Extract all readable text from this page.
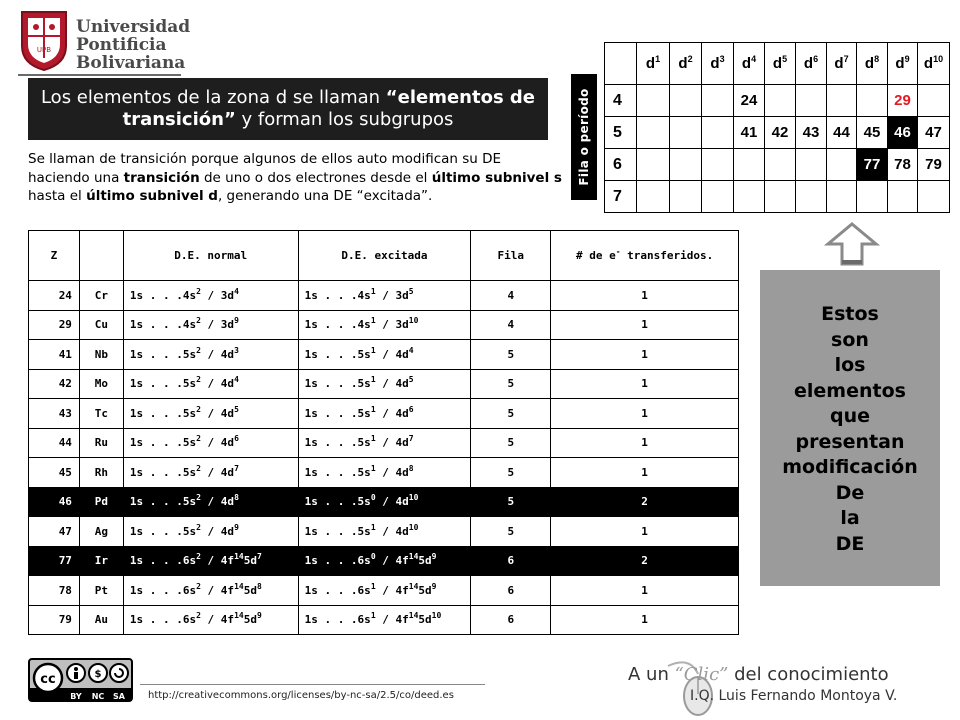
UPB
Universidad
Pontificia
Bolivariana
Los elementos de la zona d se llaman “elementos de transición” y forman los subgrupos
Se llaman de transición porque algunos de ellos auto modifican su DE haciendo una transición de uno o dos electrones desde el último subnivel s hasta el último subnivel d, generando una DE “excitada”.
Z		D.E. normal	D.E. excitada	Fila	# de e- transferidos.
24	Cr	1s . . $.4s^2 / 3d^4$	1s . . $.4s^1 / 3d^5$	4	1
29	Cu	1s . . $.4s^2 / 3d^9$	1s . . $.4s^1 / 3d^{10}$	4	1
41	Nb	1s . . $.5s^2 / 4d^3$	1s . . $.5s^1 / 4d^4$	5	1
42	Mo	1s . . $.5s^2 / 4d^4$	1s . . $.5s^1 / 4d^5$	5	1
43	Tc	1s . . $.5s^2 / 4d^5$	1s . . $.5s^1 / 4d^6$	5	1
44	Ru	1s . . $.5s^2 / 4d^6$	1s . . $.5s^1 / 4d^7$	5	1
45	Rh	1s . . $.5s^2 / 4d^7$	1s . . $.5s^1 / 4d^8$	5	1
46	Pd	1s . . $.5s^2 / 4d^8$	1s . . $.5s^0 / 4d^{10}$	5	2
47	Ag	1s . . $.5s^2 / 4d^9$	1s . . $.5s^1 / 4d^{10}$	5	1
77	Ir	1s . . $.6s^2 / 4f^{14}5d^7$	1s . . $.6s^0 / 4f^{14}5d^9$	6	2
78	Pt	1s . . $.6s^2 / 4f^{14}5d^8$	1s . . $.6s^1 / 4f^{14}5d^9$	6	1
79	Au	1s . . $.6s^2 / 4f^{14}5d^9$	1s . . $.6s^1 / 4f^{14}5d^{10}$	6	1
Fila o período
	$d^1$	$d^2$	$d^3$	$d^4$	$d^5$	$d^6$	$d^7$	$d^8$	$d^9$	$d^{10}$
4				24					29	
5				41	42	43	44	45	46	47
6								77	78	79
7										
Estos
son
los
elementos
que
presentan
modificación
De
la
DE
cc	$
BY NC SA http://creativecommons.org/licenses/by-nc-sa/2.5/co/deed.es
A un “Clic” del conocimiento
I.Q. Luis Fernando Montoya V.
